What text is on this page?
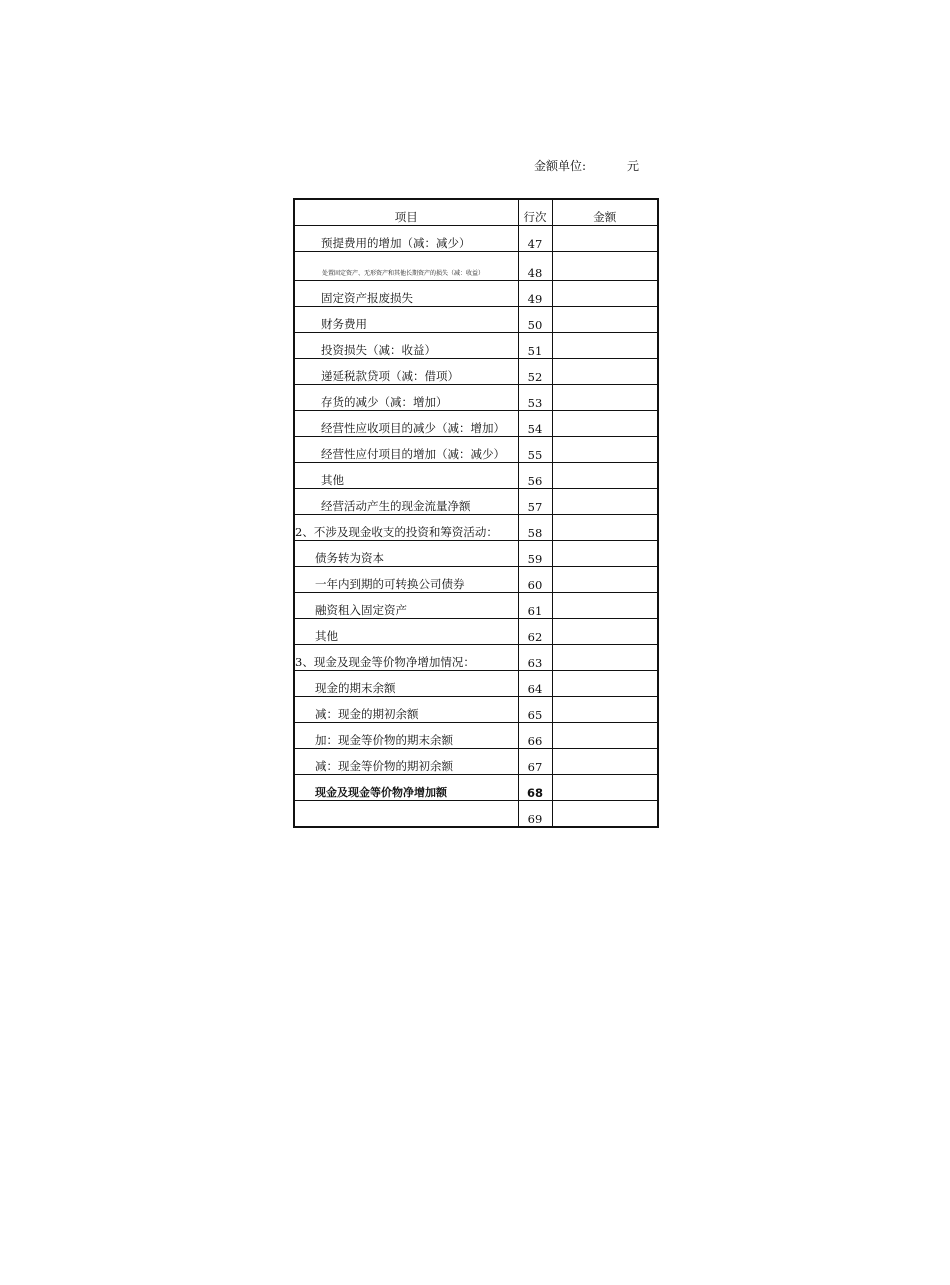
金额单位:	元
项目	行次	金额
预提费用的增加（减：减少）	47	
处置固定资产、无形资产和其他长期资产的损失（减：收益）	48	
固定资产报废损失	49	
财务费用	50	
投资损失（减：收益）	51	
递延税款贷项（减：借项）	52	
存货的减少（减：增加）	53	
经营性应收项目的减少（减：增加）	54	
经营性应付项目的增加（减：减少）	55	
其他	56	
经营活动产生的现金流量净额	57	
2、不涉及现金收支的投资和筹资活动：	58	
债务转为资本	59	
一年内到期的可转换公司债券	60	
融资租入固定资产	61	
其他	62	
3、现金及现金等价物净增加情况：	63	
现金的期末余额	64	
减：现金的期初余额	65	
加：现金等价物的期末余额	66	
减：现金等价物的期初余额	67	
现金及现金等价物净增加额	68	
	69	
